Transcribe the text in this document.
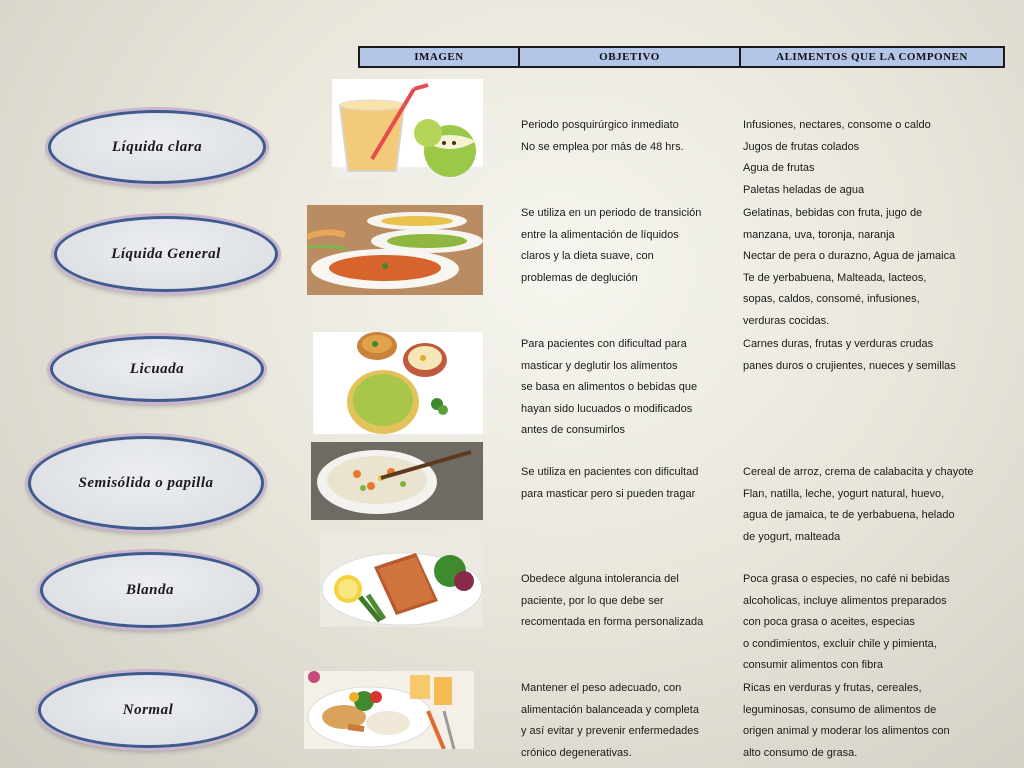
IMAGEN	OBJETIVO	ALIMENTOS QUE LA COMPONEN
Líquida clara
Líquida General
Licuada
Semisólida o papilla
Blanda
Normal
Periodo posquirúrgico inmediato
No se emplea por más de 48 hrs.
Se utiliza en un periodo de transición
entre la alimentación de líquidos
claros y la dieta suave, con
problemas de deglución
Para pacientes con dificultad para
masticar y deglutir los alimentos
se basa en alimentos o bebidas que
hayan sido lucuados o modificados
antes de consumirlos
Se utiliza en pacientes con dificultad
para masticar pero si pueden tragar
Obedece alguna intolerancia del
paciente, por lo que debe ser
recomentada en forma personalizada
Mantener el peso adecuado, con
alimentación balanceada y completa
y así evitar y prevenir enfermedades
crónico degenerativas.
Infusiones, nectares, consome o caldo
Jugos de frutas colados
Agua de frutas
Paletas heladas de agua
Gelatinas, bebidas con fruta, jugo de
manzana, uva, toronja, naranja
Nectar de pera o durazno, Agua de jamaica
Te de yerbabuena, Malteada, lacteos,
sopas, caldos, consomé, infusiones,
verduras cocidas.
Carnes duras, frutas y verduras crudas
panes duros o crujientes, nueces y semillas
Cereal de arroz, crema de calabacita y chayote
Flan, natilla, leche, yogurt natural, huevo,
agua de jamaica, te de yerbabuena, helado
de yogurt, malteada
Poca grasa o especies, no café ni bebidas
alcoholicas, incluye alimentos preparados
con poca grasa o aceites, especias
o condimientos, excluir chile y pimienta,
consumir alimentos con fibra
Ricas en verduras y frutas, cereales,
leguminosas, consumo de alimentos de
origen animal y moderar los alimentos con
alto consumo de grasa.
